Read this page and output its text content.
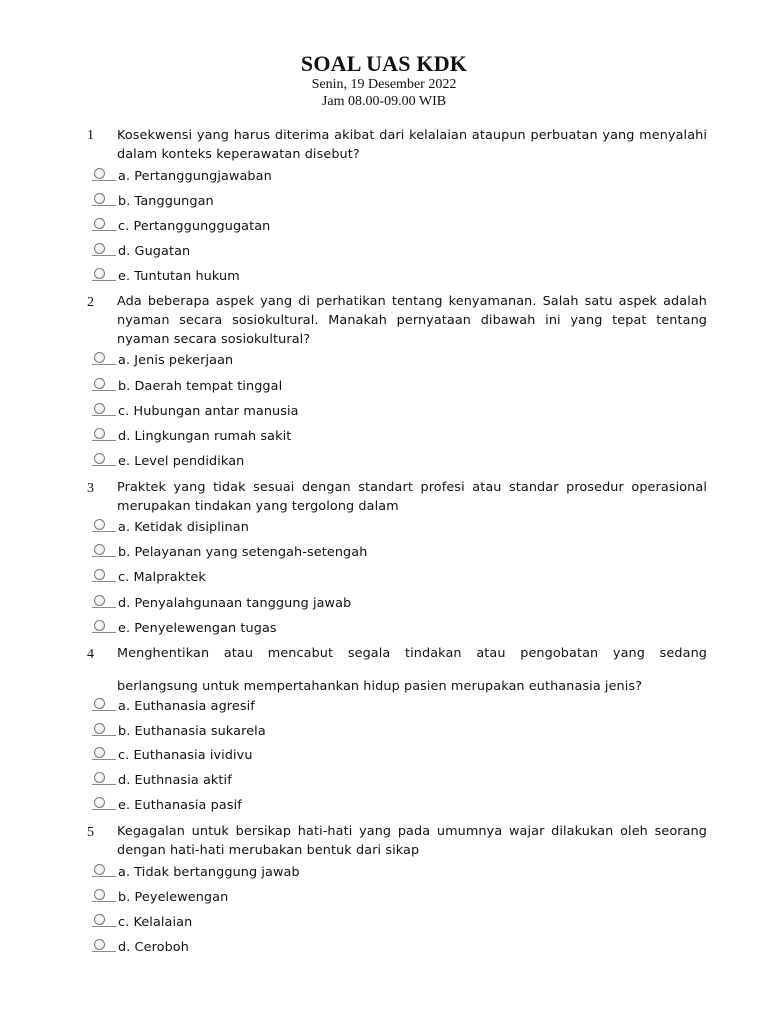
SOAL UAS KDK
Senin, 19 Desember 2022
Jam 08.00-09.00 WIB
1 Kosekwensi yang harus diterima akibat dari kelalaian ataupun perbuatan yang menyalahi dalam konteks keperawatan disebut?
a. Pertanggungjawaban
b. Tanggungan
c. Pertanggunggugatan
d. Gugatan
e. Tuntutan hukum
2 Ada beberapa aspek yang di perhatikan tentang kenyamanan. Salah satu aspek adalah nyaman secara sosiokultural. Manakah pernyataan dibawah ini yang tepat tentang nyaman secara sosiokultural?
a. Jenis pekerjaan
b. Daerah tempat tinggal
c. Hubungan antar manusia
d. Lingkungan rumah sakit
e. Level pendidikan
3 Praktek yang tidak sesuai dengan standart profesi atau standar prosedur operasional merupakan tindakan yang tergolong dalam
a. Ketidak disiplinan
b. Pelayanan yang setengah-setengah
c. Malpraktek
d. Penyalahgunaan tanggung jawab
e. Penyelewengan tugas
4 Menghentikan atau mencabut segala tindakan atau pengobatan yang sedang berlangsung untuk mempertahankan hidup pasien merupakan euthanasia jenis?
a. Euthanasia agresif
b. Euthanasia sukarela
c. Euthanasia ividivu
d. Euthnasia aktif
e. Euthanasia pasif
5 Kegagalan untuk bersikap hati-hati yang pada umumnya wajar dilakukan oleh seorang dengan hati-hati merubakan bentuk dari sikap
a. Tidak bertanggung jawab
b. Peyelewengan
c. Kelalaian
d. Ceroboh
